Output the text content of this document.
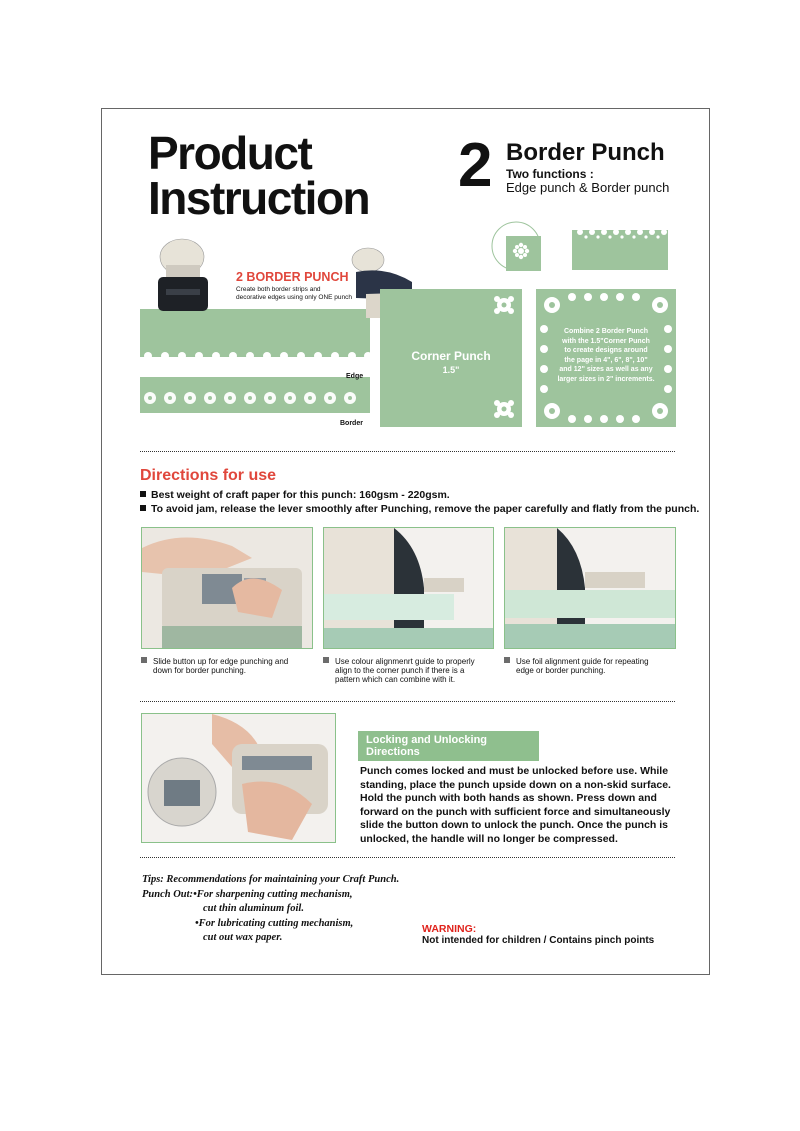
Product
Instruction 2 Border Punch
Two functions :
Edge punch & Border punch
2 BORDER PUNCH
Create both border strips and
decorative edges using only ONE punch
Edge
Border
Corner Punch
1.5"
Combine 2 Border Punch
with the 1.5"Corner Punch
to create designs around
the page in 4", 6", 8", 10"
and 12" sizes as well as any
larger sizes in 2" increments.
Directions for use
Best weight of craft paper for this punch: 160gsm - 220gsm.
To avoid jam, release the lever smoothly after Punching, remove the paper carefully and flatly from the punch.
Slide button up for edge punching and
down for border punching.
Use colour alignmenrt guide to properly
align to the corner punch if there is a
pattern which can combine with it.
Use foil alignment guide for repeating
edge or border punching.
Locking and Unlocking Directions
Punch comes locked and must be unlocked before use. While
standing, place the punch upside down on a non-skid surface.
Hold the punch with both hands as shown. Press down and
forward on the punch with sufficient force and simultaneously
slide the button down to unlock the punch. Once the punch is
unlocked, the handle will no longer be compressed.
Tips: Recommendations for maintaining your Craft Punch.
Punch Out:•For sharpening cutting mechanism,
cut thin aluminum foil.
•For lubricating cutting mechanism,
cut out wax paper.
WARNING:
Not intended for children / Contains pinch points
